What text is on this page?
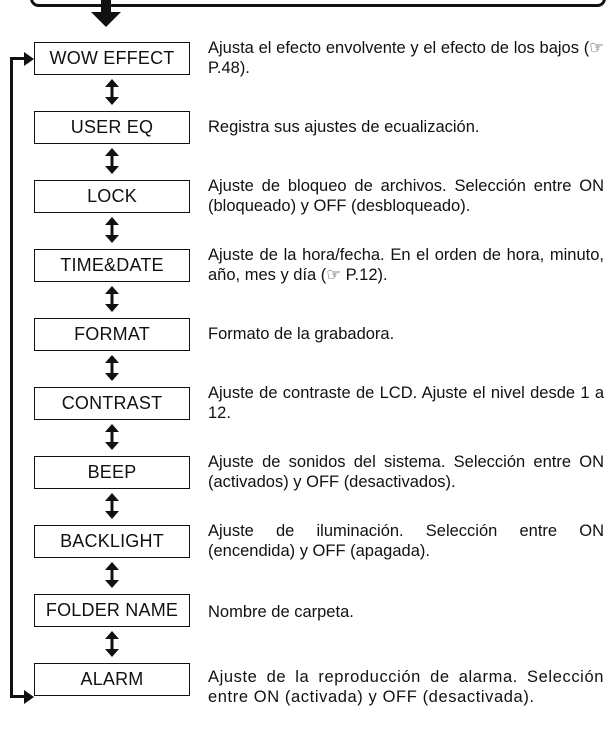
WOW EFFECT Ajusta el efecto envolvente y el efecto de los bajos (☞ P.48).
USER EQ	Registra sus ajustes de ecualización.
LOCK	Ajuste de bloqueo de archivos. Selección entre ON (bloqueado) y OFF (desbloqueado).
TIME&DATE	Ajuste de la hora/fecha. En el orden de hora, minuto, año, mes y día (☞ P.12).
FORMAT	Formato de la grabadora.
CONTRAST	Ajuste de contraste de LCD. Ajuste el nivel desde 1 a 12.
BEEP	Ajuste de sonidos del sistema. Selección entre ON (activados) y OFF (desactivados).
BACKLIGHT	Ajuste de iluminación. Selección entre ON (encendida) y OFF (apagada).
FOLDER NAME Nombre de carpeta.
ALARM	Ajuste de la reproducción de alarma. Selección entre ON (activada) y OFF (desactivada).
